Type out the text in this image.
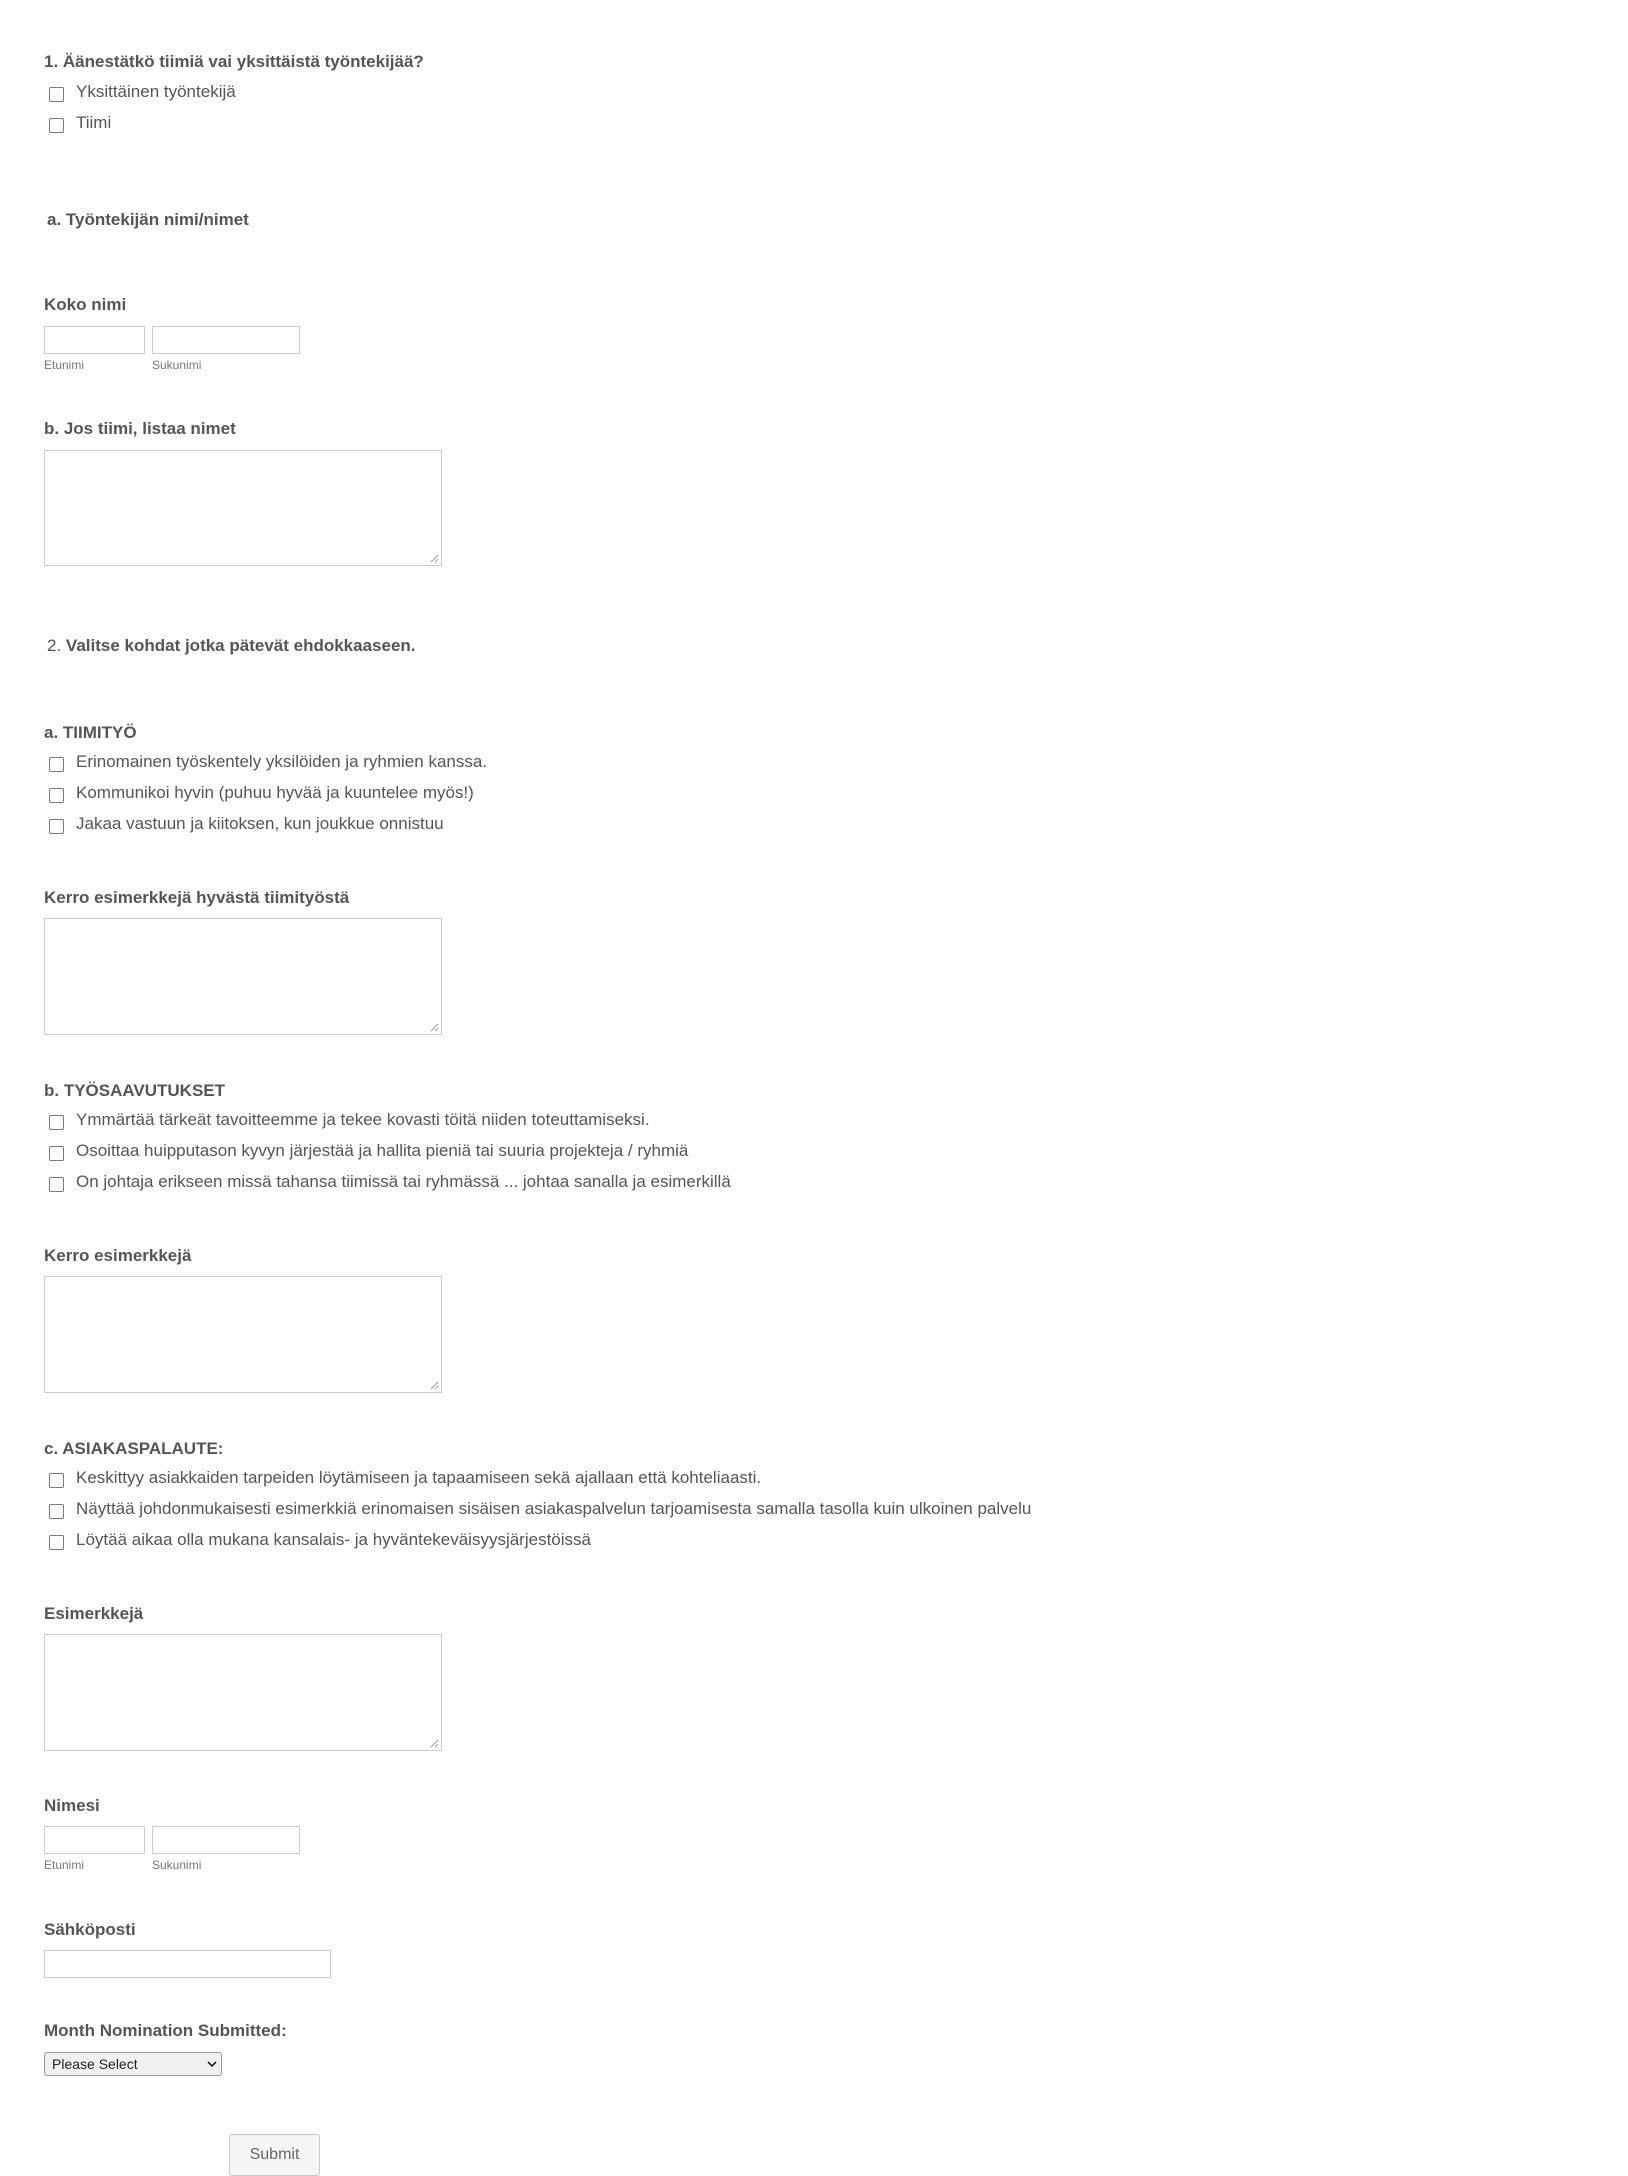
1. Äänestätkö tiimiä vai yksittäistä työntekijää?
Yksittäinen työntekijä
Tiimi
a. Työntekijän nimi/nimet
Koko nimi
Etunimi	Sukunimi
b. Jos tiimi, listaa nimet
2. Valitse kohdat jotka pätevät ehdokkaaseen.
a. TIIMITYÖ
Erinomainen työskentely yksilöiden ja ryhmien kanssa.
Kommunikoi hyvin (puhuu hyvää ja kuuntelee myös!)
Jakaa vastuun ja kiitoksen, kun joukkue onnistuu
Kerro esimerkkejä hyvästä tiimityöstä
b. TYÖSAAVUTUKSET
Ymmärtää tärkeät tavoitteemme ja tekee kovasti töitä niiden toteuttamiseksi.
Osoittaa huipputason kyvyn järjestää ja hallita pieniä tai suuria projekteja / ryhmiä
On johtaja erikseen missä tahansa tiimissä tai ryhmässä ... johtaa sanalla ja esimerkillä
Kerro esimerkkejä
c. ASIAKASPALAUTE:
Keskittyy asiakkaiden tarpeiden löytämiseen ja tapaamiseen sekä ajallaan että kohteliaasti.
Näyttää johdonmukaisesti esimerkkiä erinomaisen sisäisen asiakaspalvelun tarjoamisesta samalla tasolla kuin ulkoinen palvelu
Löytää aikaa olla mukana kansalais- ja hyväntekeväisyysjärjestöissä
Esimerkkejä
Nimesi
Etunimi	Sukunimi
Sähköposti
Month Nomination Submitted:
Please Select
Submit
